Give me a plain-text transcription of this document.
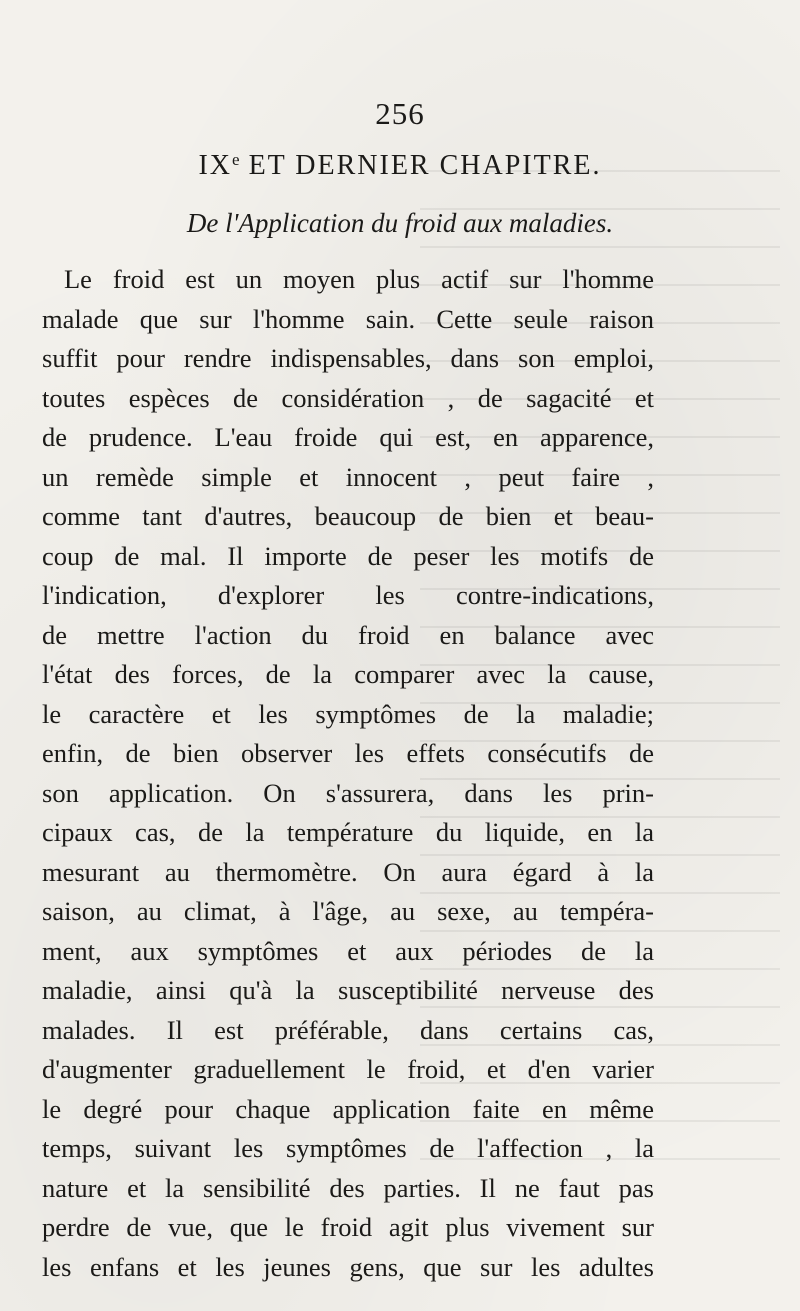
256
IXe ET DERNIER CHAPITRE.
De l'Application du froid aux maladies.
Le froid est un moyen plus actif sur l'homme
malade que sur l'homme sain. Cette seule raison
suffit pour rendre indispensables, dans son emploi,
toutes espèces de considération , de sagacité et
de prudence. L'eau froide qui est, en apparence,
un remède simple et innocent , peut faire ,
comme tant d'autres, beaucoup de bien et beau-
coup de mal. Il importe de peser les motifs de
l'indication, d'explorer les contre-indications,
de mettre l'action du froid en balance avec
l'état des forces, de la comparer avec la cause,
le caractère et les symptômes de la maladie;
enfin, de bien observer les effets consécutifs de
son application. On s'assurera, dans les prin-
cipaux cas, de la température du liquide, en la
mesurant au thermomètre. On aura égard à la
saison, au climat, à l'âge, au sexe, au tempéra-
ment, aux symptômes et aux périodes de la
maladie, ainsi qu'à la susceptibilité nerveuse des
malades. Il est préférable, dans certains cas,
d'augmenter graduellement le froid, et d'en varier
le degré pour chaque application faite en même
temps, suivant les symptômes de l'affection , la
nature et la sensibilité des parties. Il ne faut pas
perdre de vue, que le froid agit plus vivement sur
les enfans et les jeunes gens, que sur les adultes
